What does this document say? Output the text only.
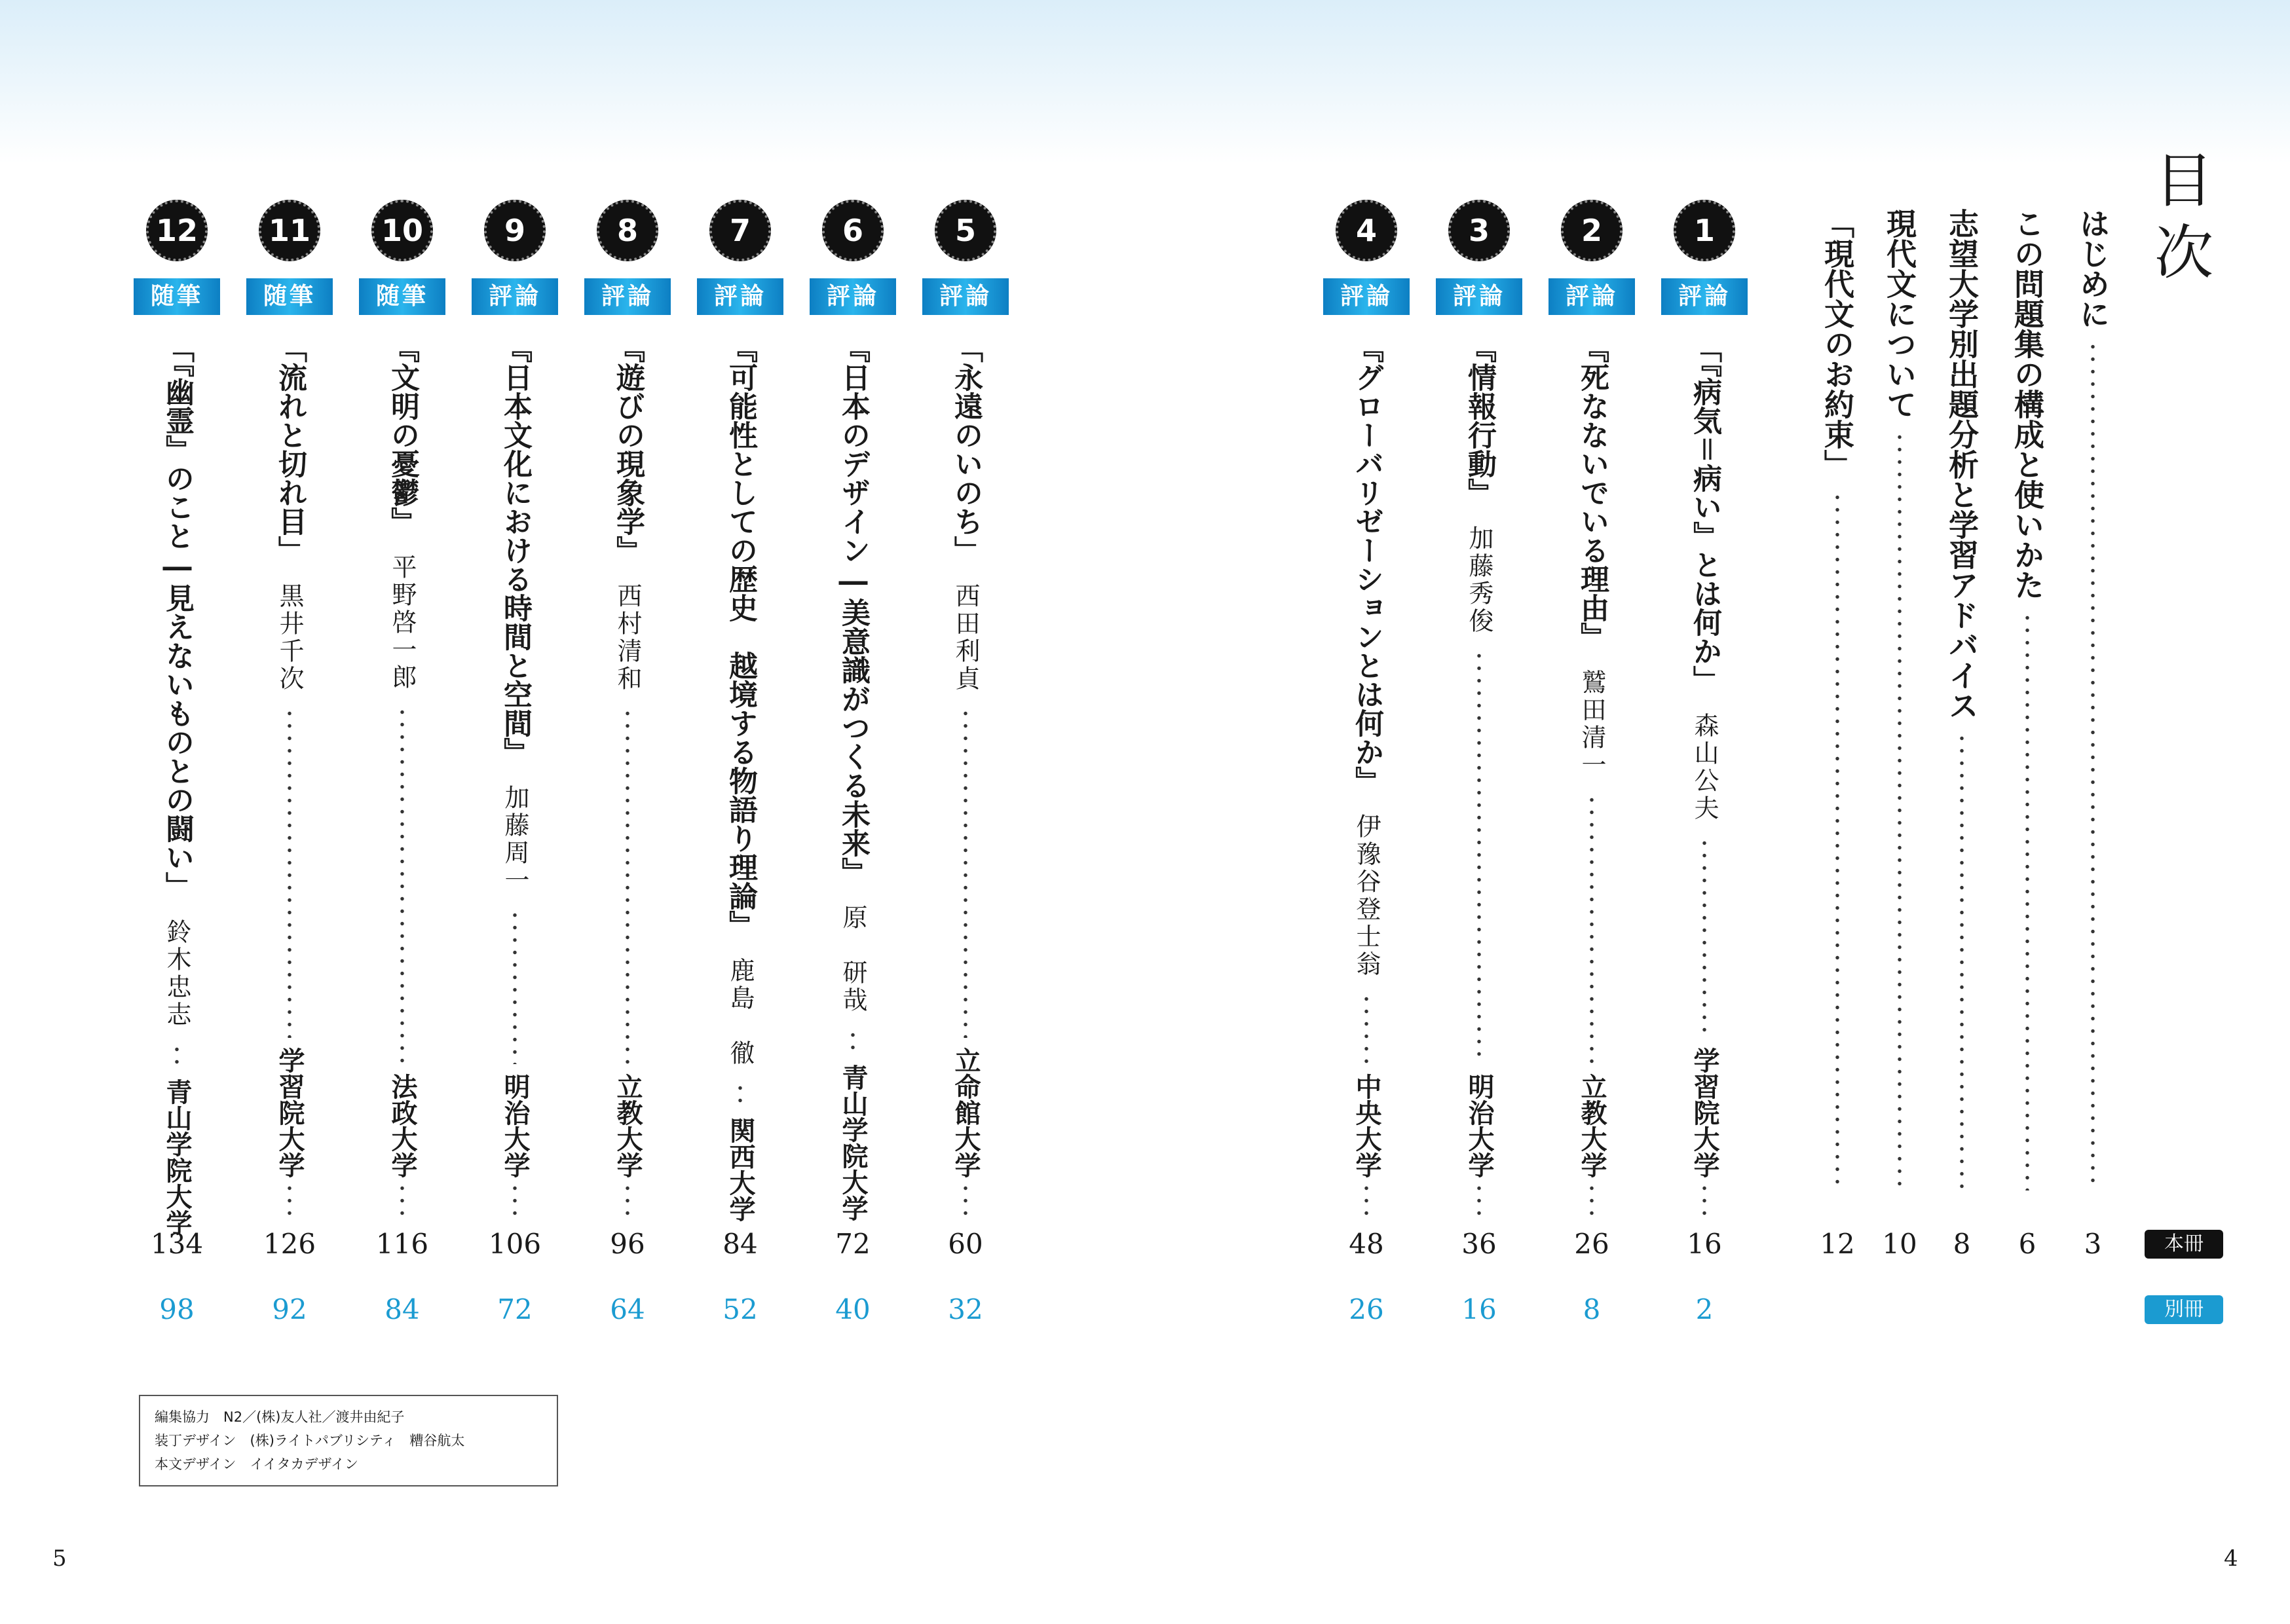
目次
はじめに
この問題集の構成と使いかた
志望大学別出題分析と学習アドバイス
現代文について
「現代文のお約束」
3
6
8
10
12	本冊
別冊
1
評論
「『病気＝病い』とは何か」
森山公夫
学習院大学
16
2
2
評論
『死なないでいる理由』
鷲田清一
立教大学
26
8
3
評論
『情報行動』
加藤秀俊
明治大学
36
16
4
評論
『グローバリゼーションとは何か』
伊豫谷登士翁
中央大学
48
26
5
評論
「永遠のいのち」
西田利貞
立命館大学
60
32
6
評論
『日本のデザイン―美意識がつくる未来』
原　研哉
青山学院大学
72
40
7
評論
『可能性としての歴史　越境する物語り理論』
鹿島　徹
関西大学
84
52
8
評論
『遊びの現象学』
西村清和
立教大学
96
64
9
評論
『日本文化における時間と空間』
加藤周一
明治大学
106
72
10
随筆
『文明の憂鬱』
平野啓一郎
法政大学
116
84
11
随筆
「流れと切れ目」
黒井千次
学習院大学
126
92
12
随筆
「『幽霊』のこと―見えないものとの闘い」
鈴木忠志
青山学院大学
134
98
編集協力　N2／(株)友人社／渡井由紀子
装丁デザイン　(株)ライトパブリシティ　糟谷航太
本文デザイン　イイタカデザイン
5	4
